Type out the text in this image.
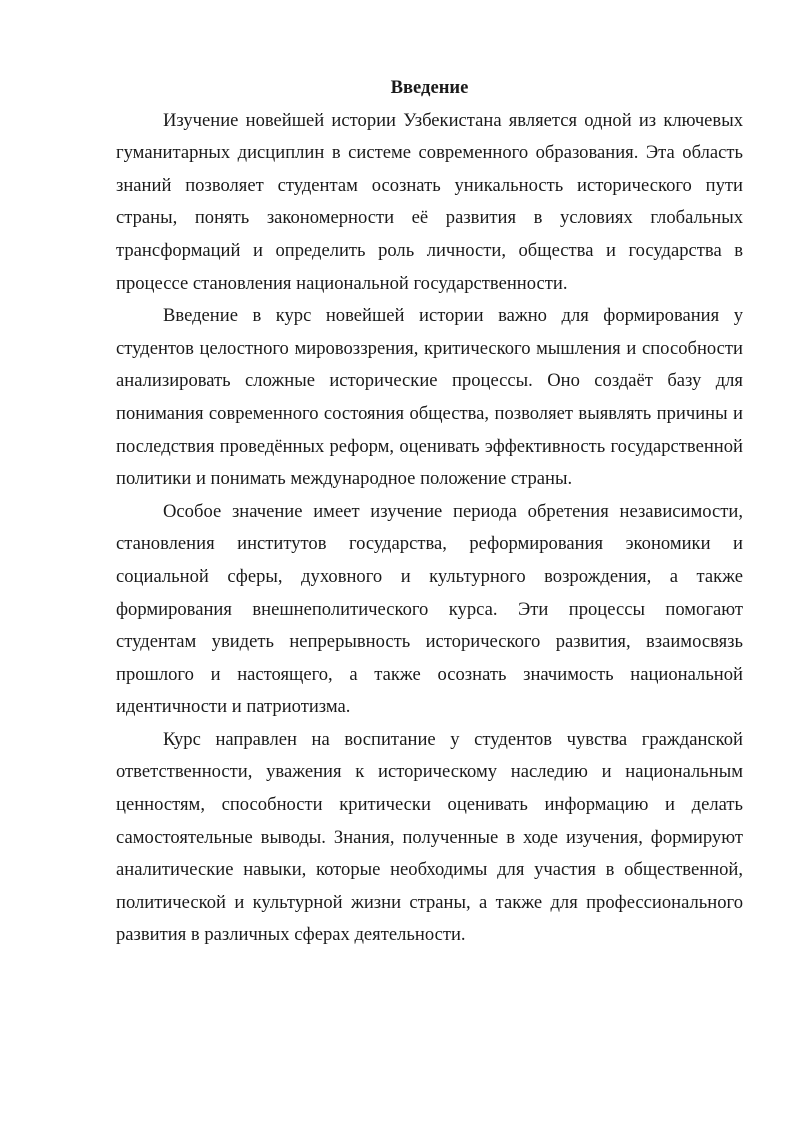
Введение

Изучение новейшей истории Узбекистана является одной из ключевых гуманитарных дисциплин в системе современного образования. Эта область знаний позволяет студентам осознать уникальность исторического пути страны, понять закономерности её развития в условиях глобальных трансформаций и определить роль личности, общества и государства в процессе становления национальной государственности.

Введение в курс новейшей истории важно для формирования у студентов целостного мировоззрения, критического мышления и способности анализировать сложные исторические процессы. Оно создаёт базу для понимания современного состояния общества, позволяет выявлять причины и последствия проведённых реформ, оценивать эффективность государственной политики и понимать международное положение страны.

Особое значение имеет изучение периода обретения независимости, становления институтов государства, реформирования экономики и социальной сферы, духовного и культурного возрождения, а также формирования внешнеполитического курса. Эти процессы помогают студентам увидеть непрерывность исторического развития, взаимосвязь прошлого и настоящего, а также осознать значимость национальной идентичности и патриотизма.

Курс направлен на воспитание у студентов чувства гражданской ответственности, уважения к историческому наследию и национальным ценностям, способности критически оценивать информацию и делать самостоятельные выводы. Знания, полученные в ходе изучения, формируют аналитические навыки, которые необходимы для участия в общественной, политической и культурной жизни страны, а также для профессионального развития в различных сферах деятельности.
